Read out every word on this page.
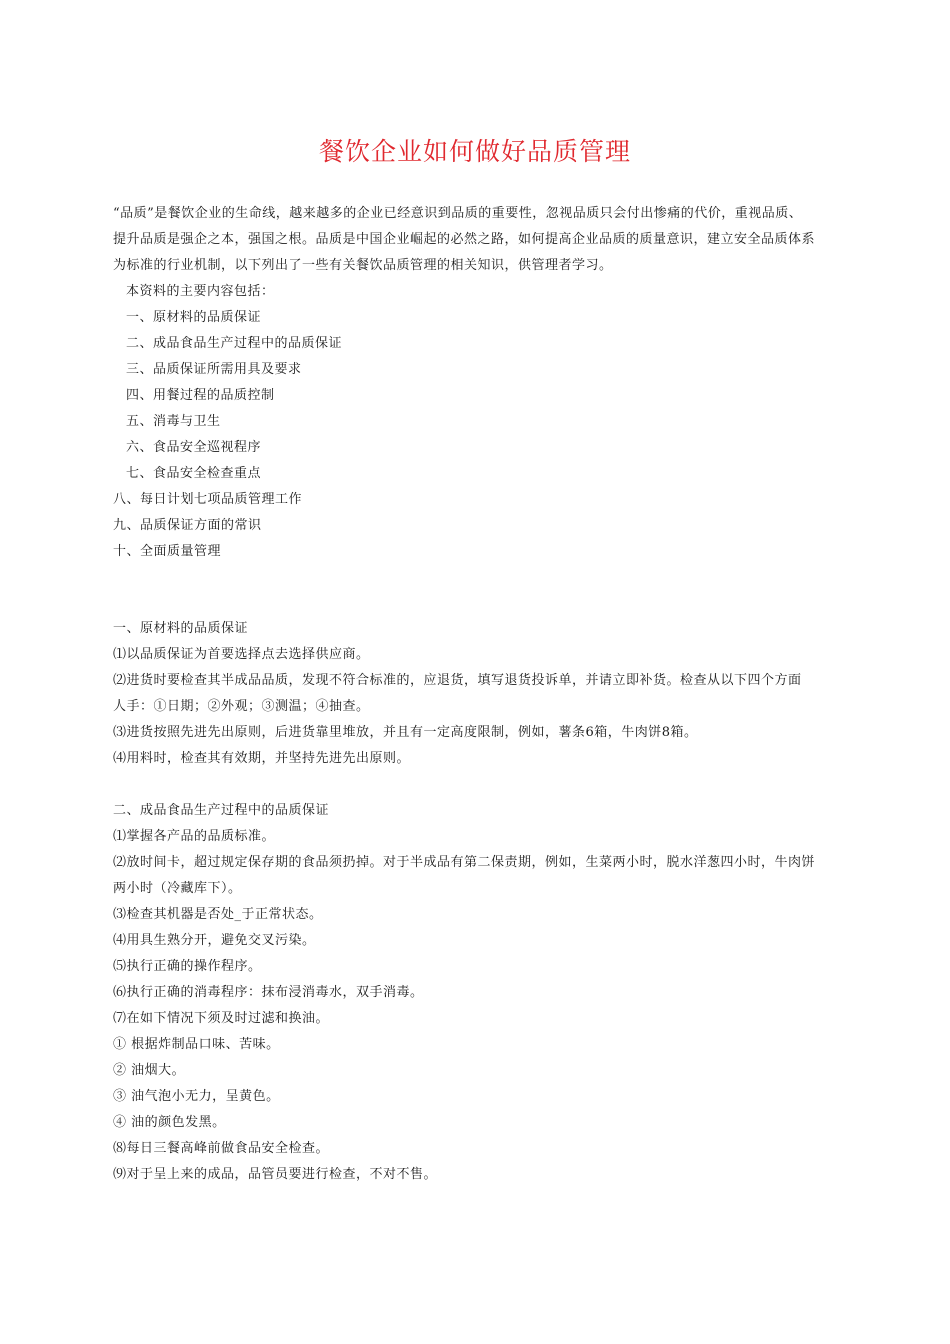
餐饮企业如何做好品质管理
“品质”是餐饮企业的生命线，越来越多的企业已经意识到品质的重要性，忽视品质只会付出惨痛的代价，重视品质、
提升品质是强企之本，强国之根。品质是中国企业崛起的必然之路，如何提高企业品质的质量意识，建立安全品质体系
为标准的行业机制，以下列出了一些有关餐饮品质管理的相关知识，供管理者学习。
本资料的主要内容包括：
一、原材料的品质保证
二、成品食品生产过程中的品质保证
三、品质保证所需用具及要求
四、用餐过程的品质控制
五、消毒与卫生
六、食品安全巡视程序
七、食品安全检查重点
八、每日计划七项品质管理工作
九、品质保证方面的常识
十、全面质量管理
一、原材料的品质保证
⑴以品质保证为首要选择点去选择供应商。
⑵进货时要检查其半成品品质，发现不符合标准的，应退货，填写退货投诉单，并请立即补货。检查从以下四个方面
人手：①日期；②外观；③测温；④抽查。
⑶进货按照先进先出原则，后进货靠里堆放，并且有一定高度限制，例如，薯条6箱，牛肉饼8箱。
⑷用料时，检查其有效期，并坚持先进先出原则。
二、成品食品生产过程中的品质保证
⑴掌握各产品的品质标准。
⑵放时间卡，超过规定保存期的食品须扔掉。对于半成品有第二保责期，例如，生菜两小时，脱水洋葱四小时，牛肉饼
两小时（冷藏库下）。
⑶检查其机器是否处_于正常状态。
⑷用具生熟分开，避免交叉污染。
⑸执行正确的操作程序。
⑹执行正确的消毒程序：抹布浸消毒水，双手消毒。
⑺在如下情况下须及时过滤和换油。
① 根据炸制品口味、苦味。
② 油烟大。
③ 油气泡小无力，呈黄色。
④ 油的颜色发黑。
⑻每日三餐高峰前做食品安全检查。
⑼对于呈上来的成品，品管员要进行检查，不对不售。
